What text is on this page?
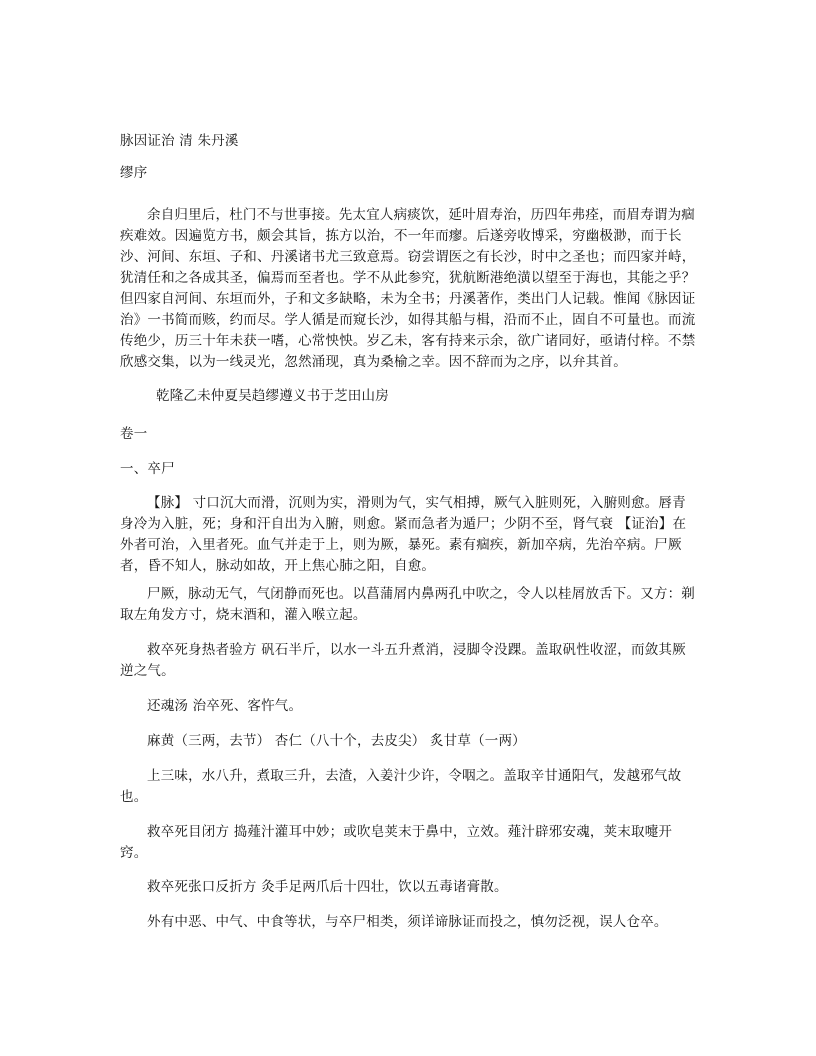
脉因证治 清 朱丹溪

缪序

余自归里后，杜门不与世事接。先太宜人病痰饮，延叶眉寿治，历四年弗痊，而眉寿谓为痼疾难效。因遍览方书，颇会其旨，拣方以治，不一年而瘳。后遂旁收博采，穷幽极渺，而于长沙、河间、东垣、子和、丹溪诸书尤三致意焉。窃尝谓医之有长沙，时中之圣也；而四家并峙，犹清任和之各成其圣，偏焉而至者也。学不从此参究，犹航断港绝潢以望至于海也，其能之乎？但四家自河间、东垣而外，子和文多缺略，未为全书；丹溪著作，类出门人记载。惟闻《脉因证治》一书简而赅，约而尽。学人循是而窥长沙，如得其船与楫，沿而不止，固自不可量也。而流传绝少，历三十年未获一嗜，心常怏怏。岁乙未，客有持来示余，欲广诸同好，亟请付梓。不禁欣感交集，以为一线灵光，忽然涌现，真为桑榆之幸。因不辞而为之序，以弁其首。

乾隆乙未仲夏吴趋缪遵义书于芝田山房

卷一

一、卒尸

【脉】 寸口沉大而滑，沉则为实，滑则为气，实气相搏，厥气入脏则死，入腑则愈。唇青身冷为入脏，死；身和汗自出为入腑，则愈。紧而急者为遁尸；少阴不至，肾气衰 【证治】在外者可治，入里者死。血气并走于上，则为厥，暴死。素有痼疾，新加卒病，先治卒病。尸厥者，昏不知人，脉动如故，开上焦心肺之阳，自愈。

尸厥，脉动无气，气闭静而死也。以菖蒲屑内鼻两孔中吹之，令人以桂屑放舌下。又方：剃取左角发方寸，烧末酒和，灌入喉立起。

救卒死身热者验方 矾石半斤，以水一斗五升煮消，浸脚令没踝。盖取矾性收涩，而敛其厥逆之气。

还魂汤 治卒死、客忤气。

麻黄（三两，去节） 杏仁（八十个，去皮尖） 炙甘草（一两）

上三味，水八升，煮取三升，去渣，入姜汁少许，令咽之。盖取辛甘通阳气，发越邪气故也。

救卒死目闭方 捣薤汁灌耳中妙；或吹皂荚末于鼻中，立效。薤汁辟邪安魂，荚末取嚏开窍。

救卒死张口反折方 灸手足两爪后十四壮，饮以五毒诸膏散。

外有中恶、中气、中食等状，与卒尸相类，须详谛脉证而投之，慎勿泛视，误人仓卒。
